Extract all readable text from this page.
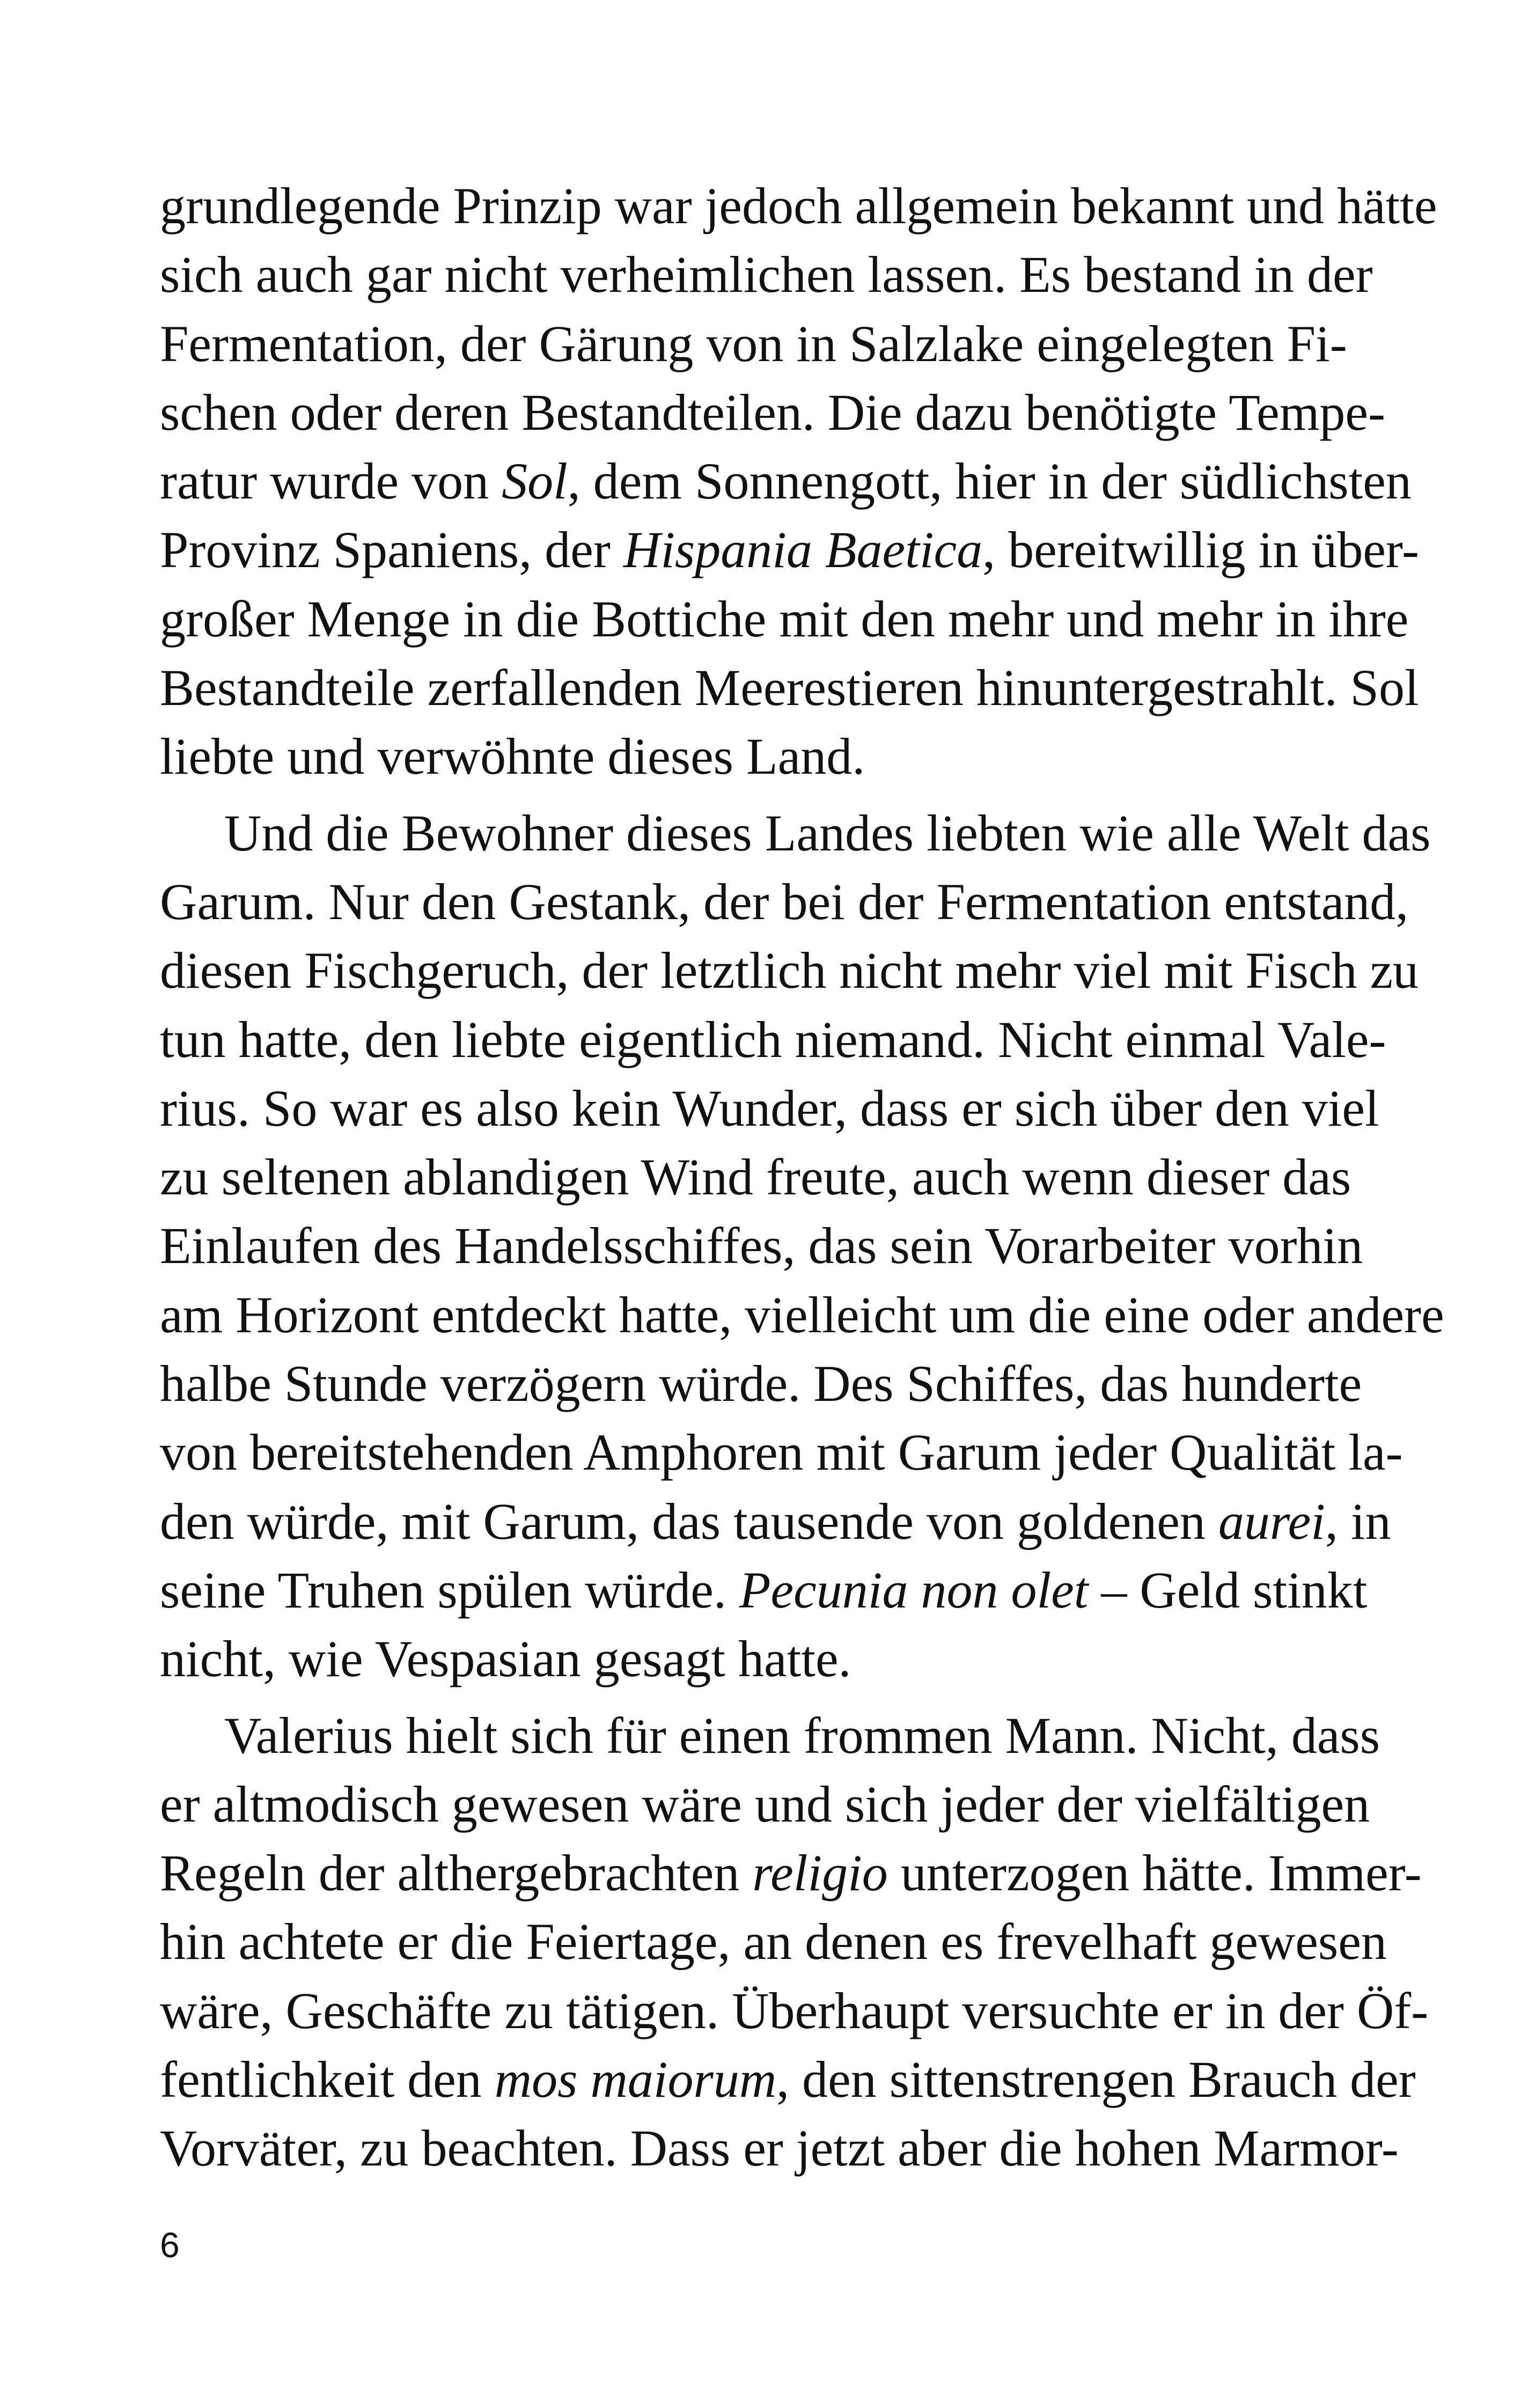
grundlegende Prinzip war jedoch allgemein bekannt und hätte
sich auch gar nicht verheimlichen lassen. Es bestand in der
Fermentation, der Gärung von in Salzlake eingelegten Fi-
schen oder deren Bestandteilen. Die dazu benötigte Tempe-
ratur wurde von Sol, dem Sonnengott, hier in der südlichsten
Provinz Spaniens, der Hispania Baetica, bereitwillig in über-
großer Menge in die Bottiche mit den mehr und mehr in ihre
Bestandteile zerfallenden Meerestieren hinuntergestrahlt. Sol
liebte und verwöhnte dieses Land.
Und die Bewohner dieses Landes liebten wie alle Welt das
Garum. Nur den Gestank, der bei der Fermentation entstand,
diesen Fischgeruch, der letztlich nicht mehr viel mit Fisch zu
tun hatte, den liebte eigentlich niemand. Nicht einmal Vale-
rius. So war es also kein Wunder, dass er sich über den viel
zu seltenen ablandigen Wind freute, auch wenn dieser das
Einlaufen des Handelsschiffes, das sein Vorarbeiter vorhin
am Horizont entdeckt hatte, vielleicht um die eine oder andere
halbe Stunde verzögern würde. Des Schiffes, das hunderte
von bereitstehenden Amphoren mit Garum jeder Qualität la-
den würde, mit Garum, das tausende von goldenen aurei, in
seine Truhen spülen würde. Pecunia non olet – Geld stinkt
nicht, wie Vespasian gesagt hatte.
Valerius hielt sich für einen frommen Mann. Nicht, dass
er altmodisch gewesen wäre und sich jeder der vielfältigen
Regeln der althergebrachten religio unterzogen hätte. Immer-
hin achtete er die Feiertage, an denen es frevelhaft gewesen
wäre, Geschäfte zu tätigen. Überhaupt versuchte er in der Öf-
fentlichkeit den mos maiorum, den sittenstrengen Brauch der
Vorväter, zu beachten. Dass er jetzt aber die hohen Marmor-
6
